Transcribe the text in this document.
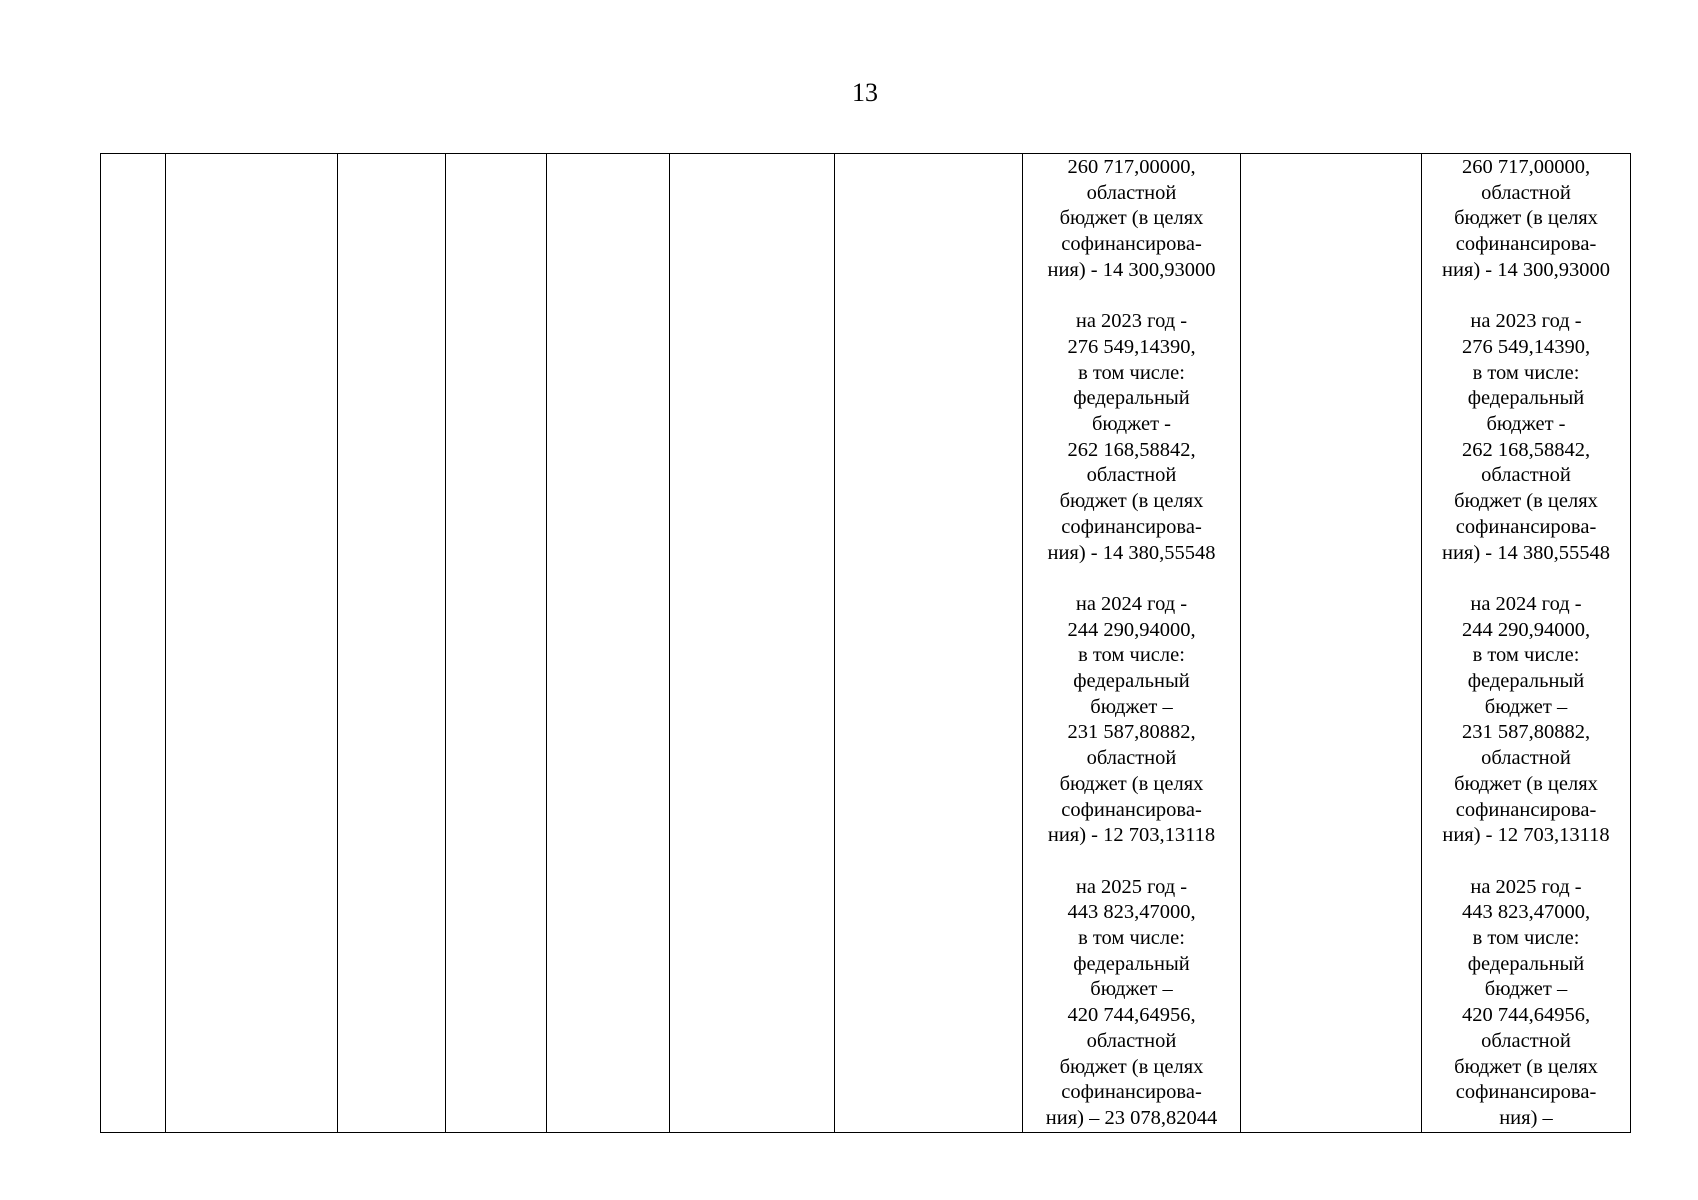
13

260 717,00000,
областной
бюджет (в целях
софинансирова-
ния) - 14 300,93000
на 2023 год -
276 549,14390,
в том числе:
федеральный
бюджет -
262 168,58842,
областной
бюджет (в целях
софинансирова-
ния) - 14 380,55548
на 2024 год -
244 290,94000,
в том числе:
федеральный
бюджет –
231 587,80882,
областной
бюджет (в целях
софинансирова-
ния) - 12 703,13118
на 2025 год -
443 823,47000,
в том числе:
федеральный
бюджет –
420 744,64956,
областной
бюджет (в целях
софинансирова-
ния) – 23 078,82044

260 717,00000,
областной
бюджет (в целях
софинансирова-
ния) - 14 300,93000
на 2023 год -
276 549,14390,
в том числе:
федеральный
бюджет -
262 168,58842,
областной
бюджет (в целях
софинансирова-
ния) - 14 380,55548
на 2024 год -
244 290,94000,
в том числе:
федеральный
бюджет –
231 587,80882,
областной
бюджет (в целях
софинансирова-
ния) - 12 703,13118
на 2025 год -
443 823,47000,
в том числе:
федеральный
бюджет –
420 744,64956,
областной
бюджет (в целях
софинансирова-
ния) –
